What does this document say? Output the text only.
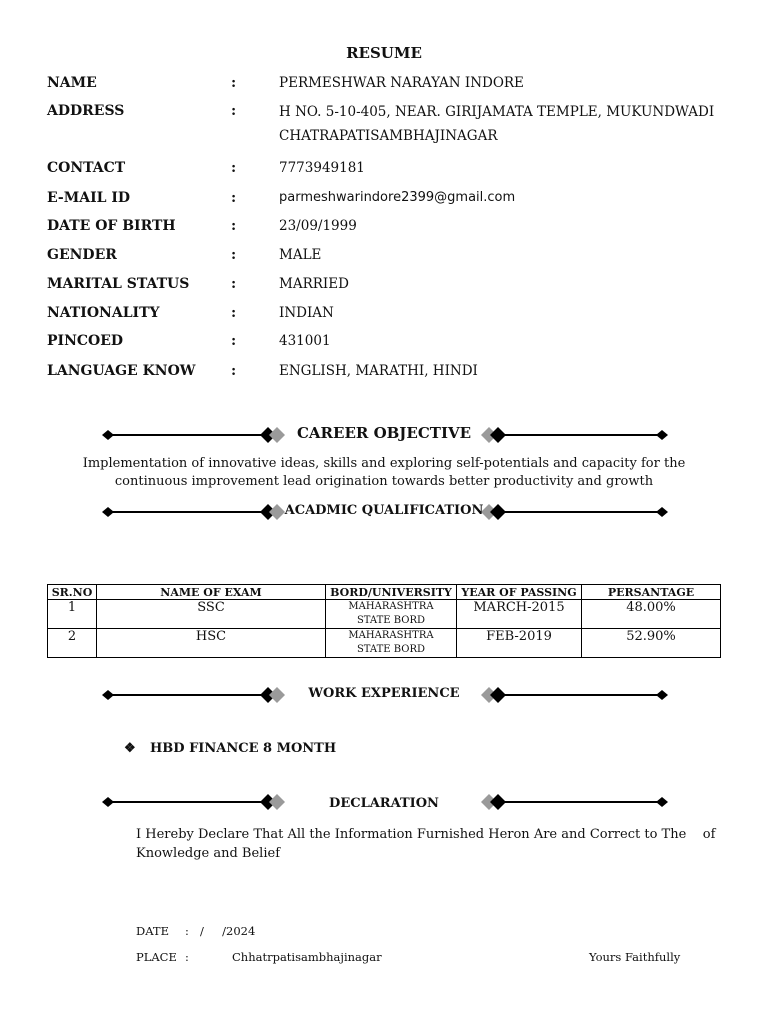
RESUME
NAME	:	PERMESHWAR NARAYAN INDORE
ADDRESS	:	H NO. 5-10-405, NEAR. GIRIJAMATA TEMPLE, MUKUNDWADI
CHATRAPATISAMBHAJINAGAR
CONTACT	:	7773949181
E-MAIL ID	:	parmeshwarindore2399@gmail.com
DATE OF BIRTH	:	23/09/1999
GENDER	:	MALE
MARITAL STATUS	:	MARRIED
NATIONALITY	:	INDIAN
PINCOED	:	431001
LANGUAGE KNOW	:	ENGLISH, MARATHI, HINDI
CAREER OBJECTIVE
Implementation of innovative ideas, skills and exploring self-potentials and capacity for the
continuous improvement lead origination towards better productivity and growth
ACADMIC QUALIFICATION
SR.NO	NAME OF EXAM	BORD/UNIVERSITY	YEAR OF PASSING	PERSANTAGE
1	SSC	MAHARASHTRA
STATE BORD	MARCH-2015	48.00%
2	HSC	MAHARASHTRA
STATE BORD	FEB-2019	52.90%
WORK EXPERIENCE
❖ HBD FINANCE 8 MONTH
DECLARATION
I Hereby Declare That All the Information Furnished Heron Are and Correct to The    of
Knowledge and Belief
DATE : /     /2024
PLACE :	Chhatrpatisambhajinagar	Yours Faithfully
